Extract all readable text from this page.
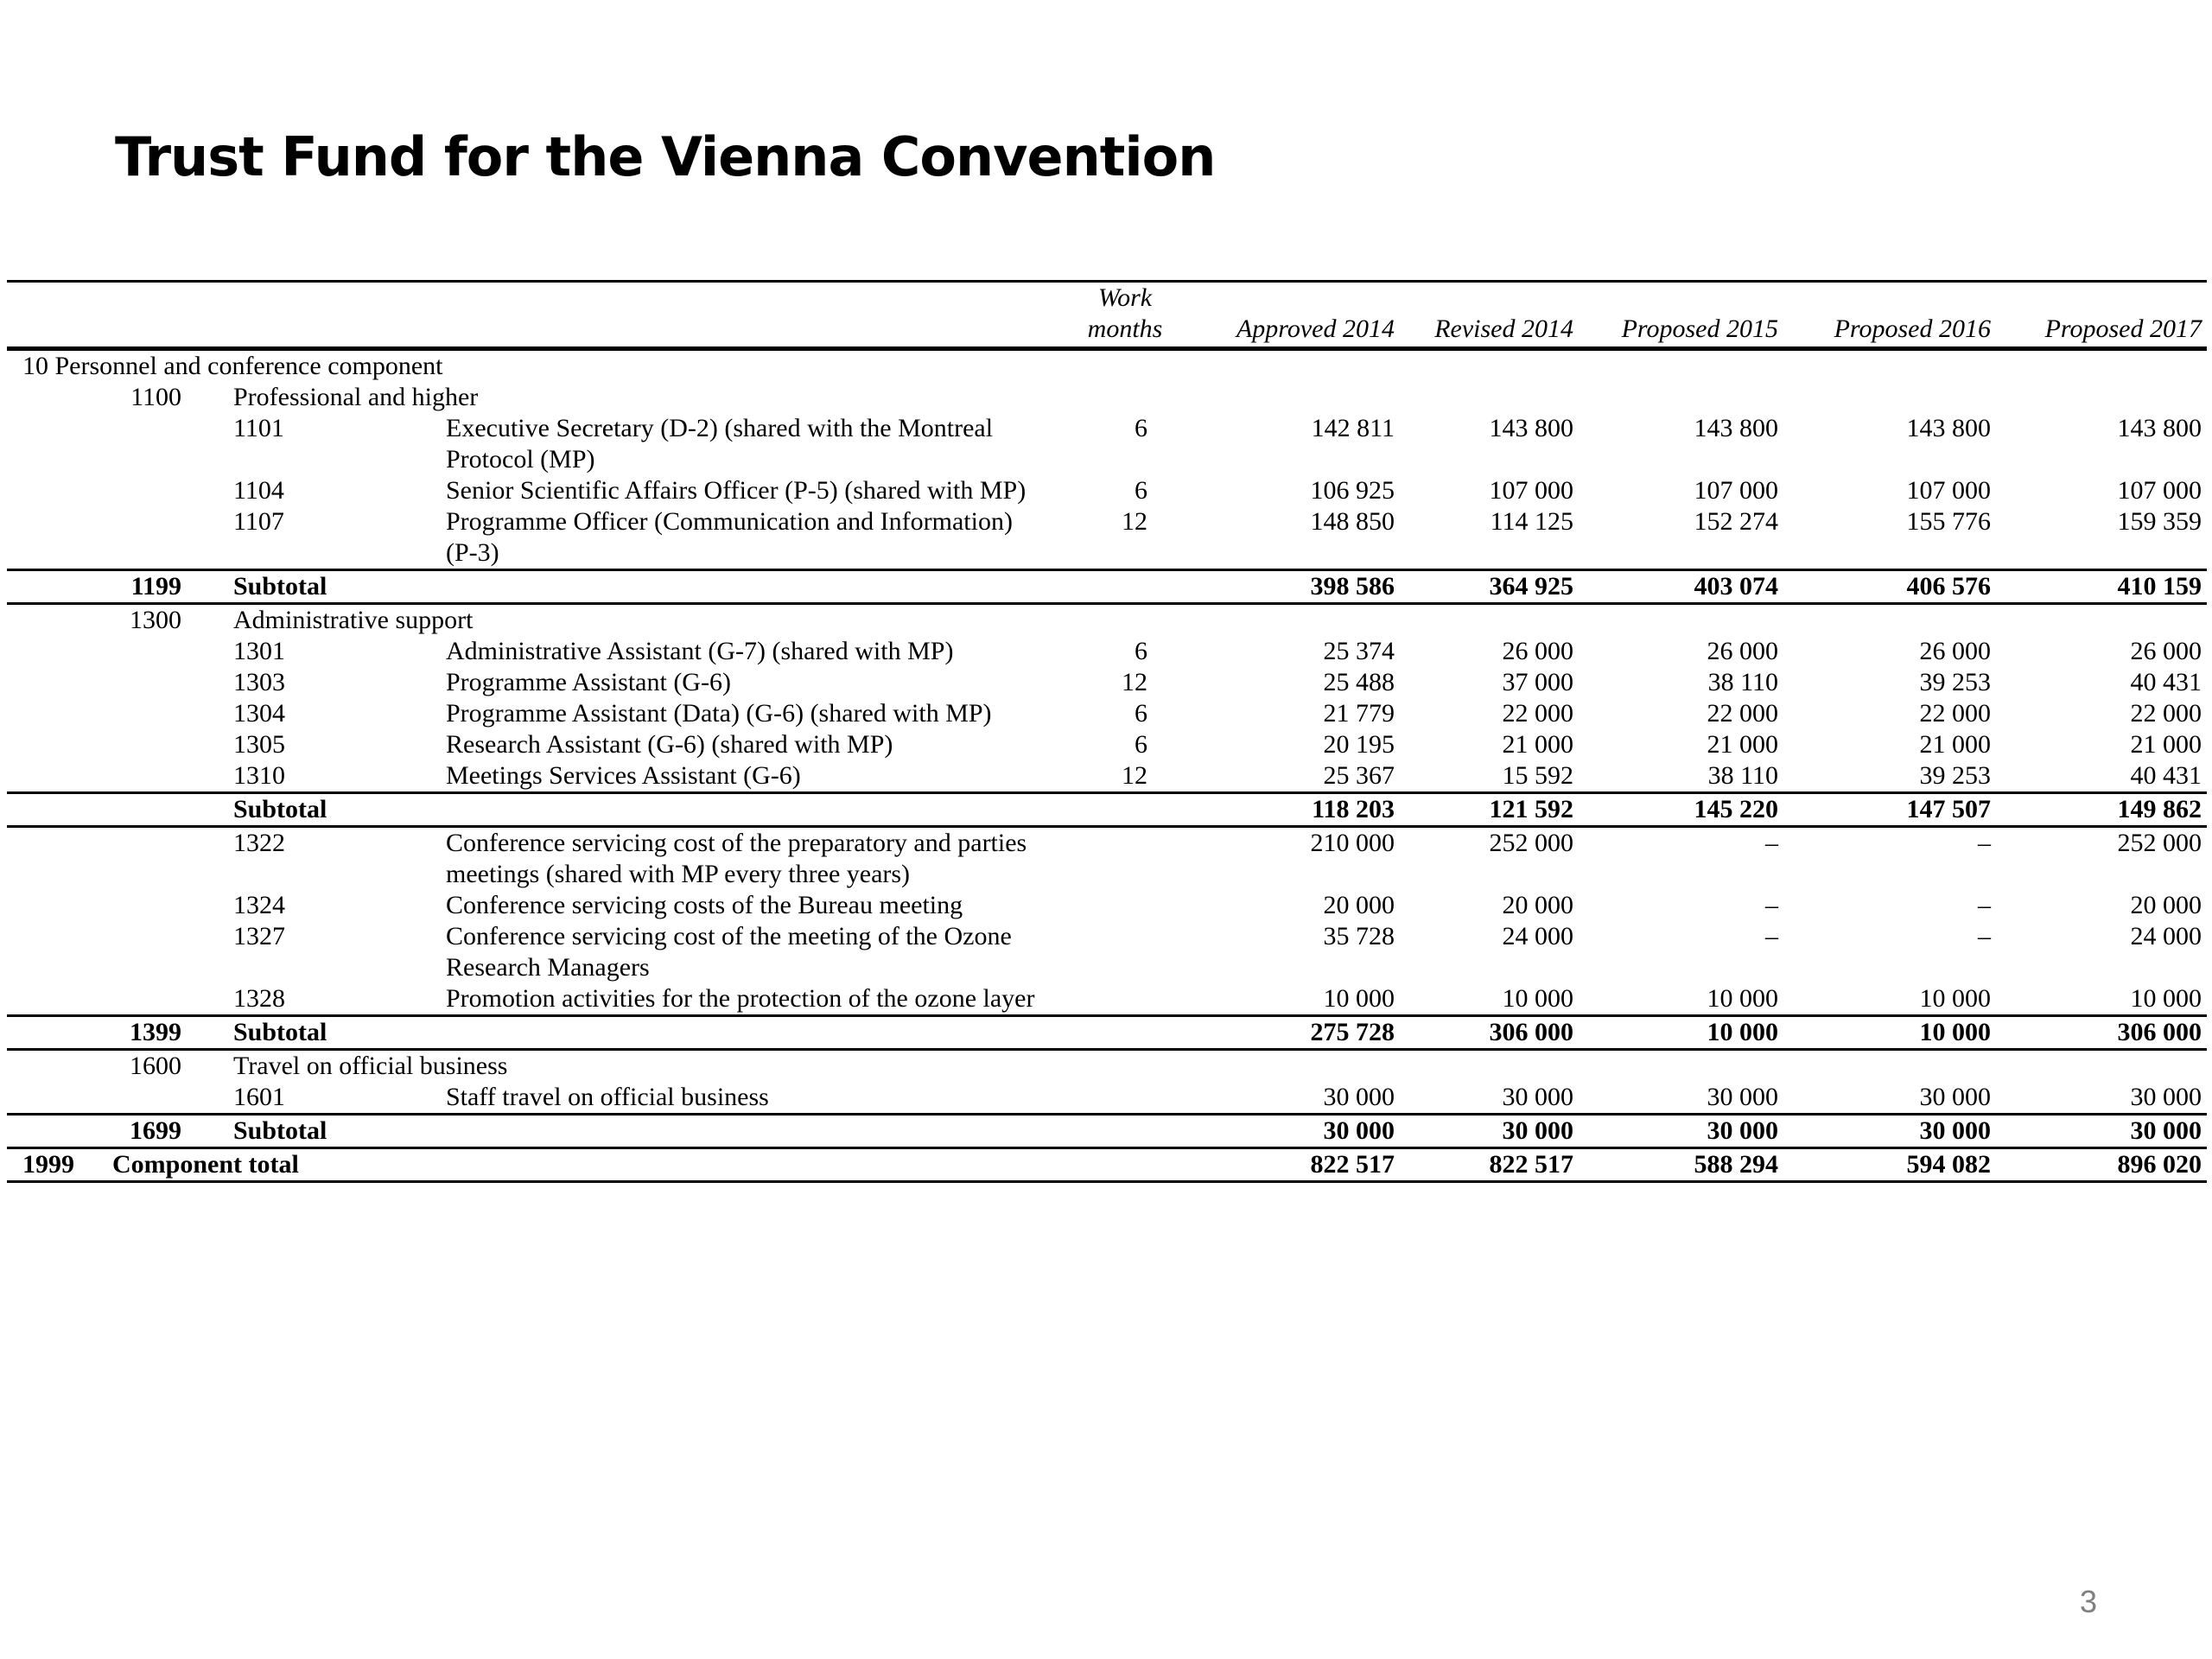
Trust Fund for the Vienna Convention
				Work months	Approved 2014	Revised 2014	Proposed 2015	Proposed 2016	Proposed 2017
10 Personnel and conference component									
	1100	Professional and higher							
		1101	Executive Secretary (D-2) (shared with the Montreal Protocol (MP)	6	142 811	143 800	143 800	143 800	143 800
		1104	Senior Scientific Affairs Officer (P-5) (shared with MP)	6	106 925	107 000	107 000	107 000	107 000
		1107	Programme Officer (Communication and Information) (P-3)	12	148 850	114 125	152 274	155 776	159 359
	1199	Subtotal			398 586	364 925	403 074	406 576	410 159
	1300	Administrative support							
		1301	Administrative Assistant (G-7) (shared with MP)	6	25 374	26 000	26 000	26 000	26 000
		1303	Programme Assistant (G-6)	12	25 488	37 000	38 110	39 253	40 431
		1304	Programme Assistant (Data) (G-6) (shared with MP)	6	21 779	22 000	22 000	22 000	22 000
		1305	Research Assistant (G-6) (shared with MP)	6	20 195	21 000	21 000	21 000	21 000
		1310	Meetings Services Assistant (G-6)	12	25 367	15 592	38 110	39 253	40 431
		Subtotal			118 203	121 592	145 220	147 507	149 862
		1322	Conference servicing cost of the preparatory and parties meetings (shared with MP every three years)		210 000	252 000	–	–	252 000
		1324	Conference servicing costs of the Bureau meeting		20 000	20 000	–	–	20 000
		1327	Conference servicing cost of the meeting of the Ozone Research Managers		35 728	24 000	–	–	24 000
		1328	Promotion activities for the protection of the ozone layer		10 000	10 000	10 000	10 000	10 000
	1399	Subtotal			275 728	306 000	10 000	10 000	306 000
	1600	Travel on official business							
		1601	Staff travel on official business		30 000	30 000	30 000	30 000	30 000
	1699	Subtotal			30 000	30 000	30 000	30 000	30 000
1999	Component total				822 517	822 517	588 294	594 082	896 020
3
